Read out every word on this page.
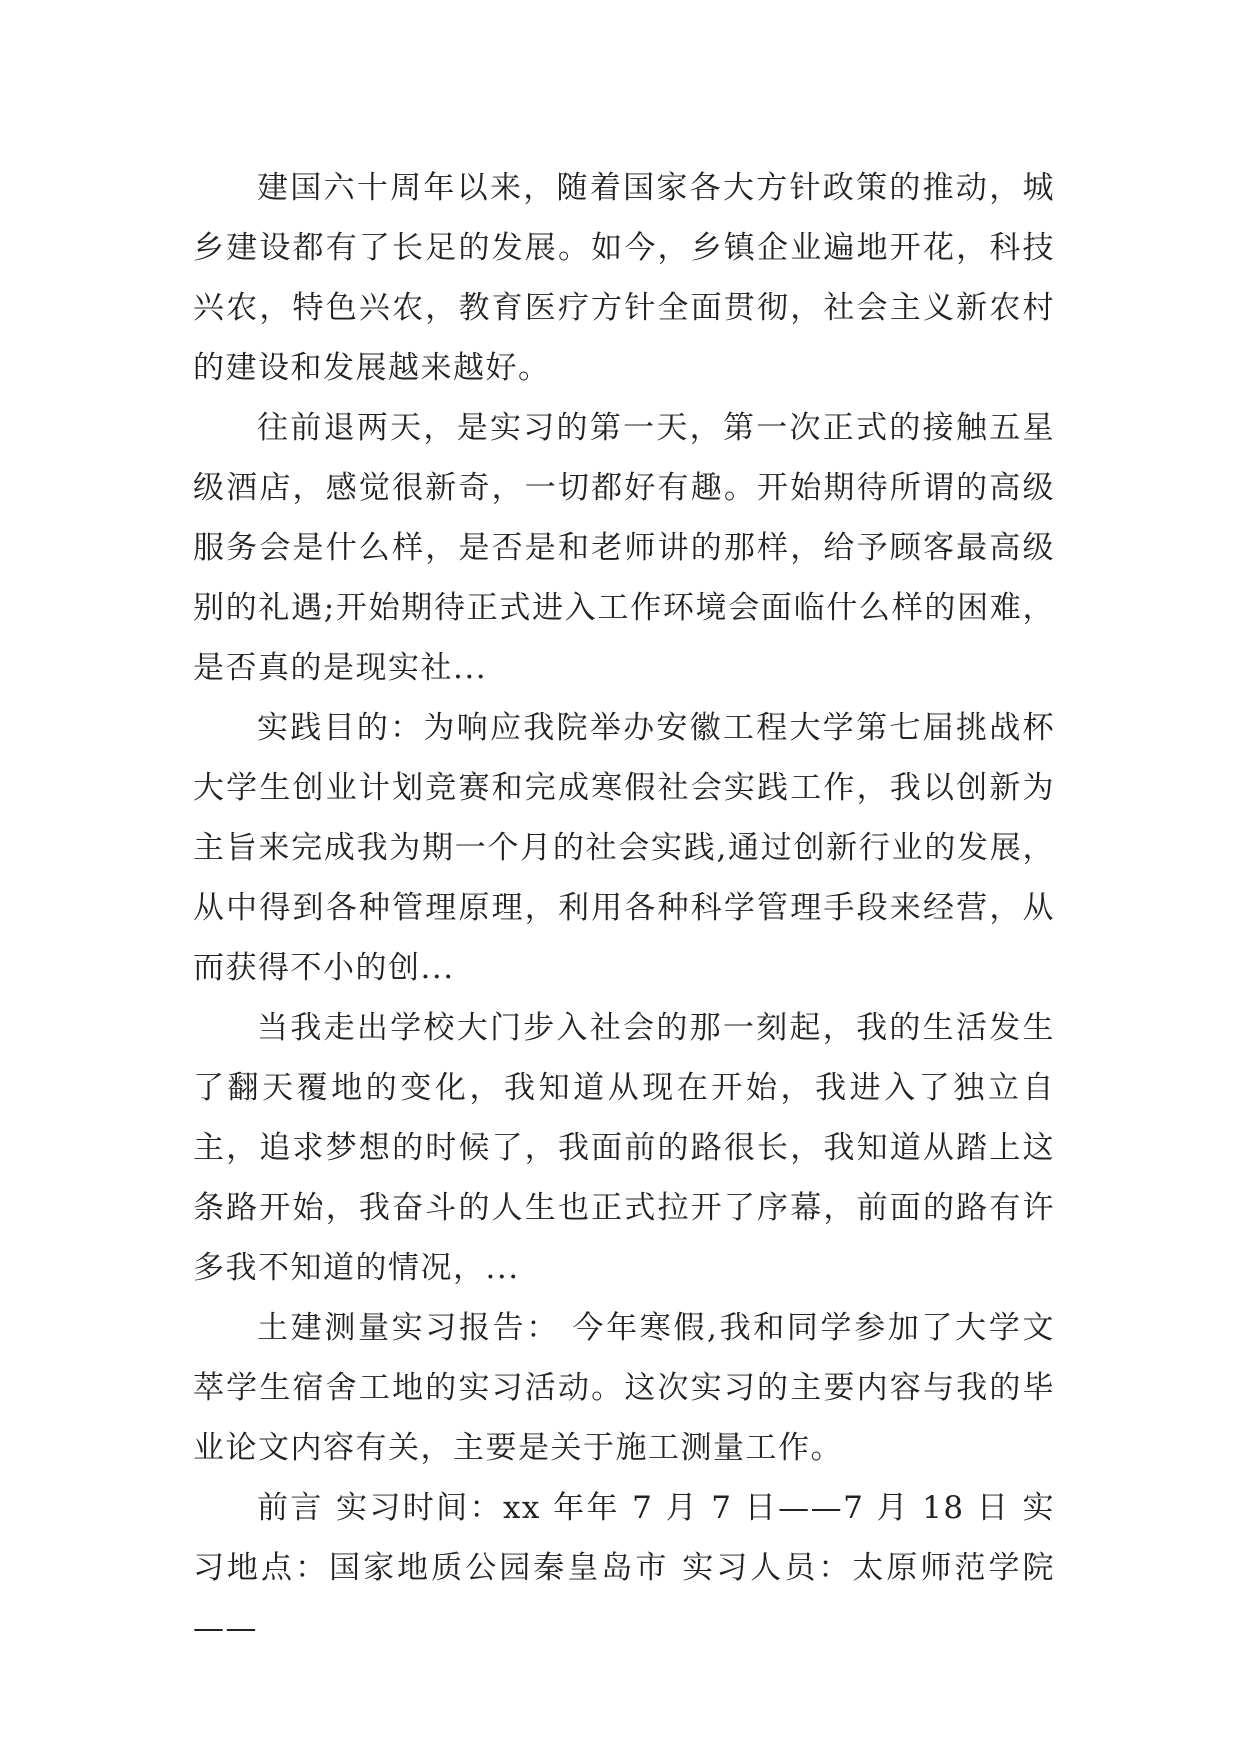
建国六十周年以来，随着国家各大方针政策的推动，城乡建设都有了长足的发展。如今，乡镇企业遍地开花，科技兴农，特色兴农，教育医疗方针全面贯彻，社会主义新农村的建设和发展越来越好。

往前退两天，是实习的第一天，第一次正式的接触五星级酒店，感觉很新奇，一切都好有趣。开始期待所谓的高级服务会是什么样，是否是和老师讲的那样，给予顾客最高级别的礼遇;开始期待正式进入工作环境会面临什么样的困难，是否真的是现实社...

实践目的：为响应我院举办安徽工程大学第七届挑战杯大学生创业计划竞赛和完成寒假社会实践工作，我以创新为主旨来完成我为期一个月的社会实践,通过创新行业的发展，从中得到各种管理原理，利用各种科学管理手段来经营，从而获得不小的创...

当我走出学校大门步入社会的那一刻起，我的生活发生了翻天覆地的变化，我知道从现在开始，我进入了独立自主，追求梦想的时候了，我面前的路很长，我知道从踏上这条路开始，我奋斗的人生也正式拉开了序幕，前面的路有许多我不知道的情况，...

土建测量实习报告： 今年寒假,我和同学参加了大学文萃学生宿舍工地的实习活动。这次实习的主要内容与我的毕业论文内容有关，主要是关于施工测量工作。

前言 实习时间：xx 年年 7 月 7 日——7 月 18 日 实习地点：国家地质公园秦皇岛市 实习人员：太原师范学院——
